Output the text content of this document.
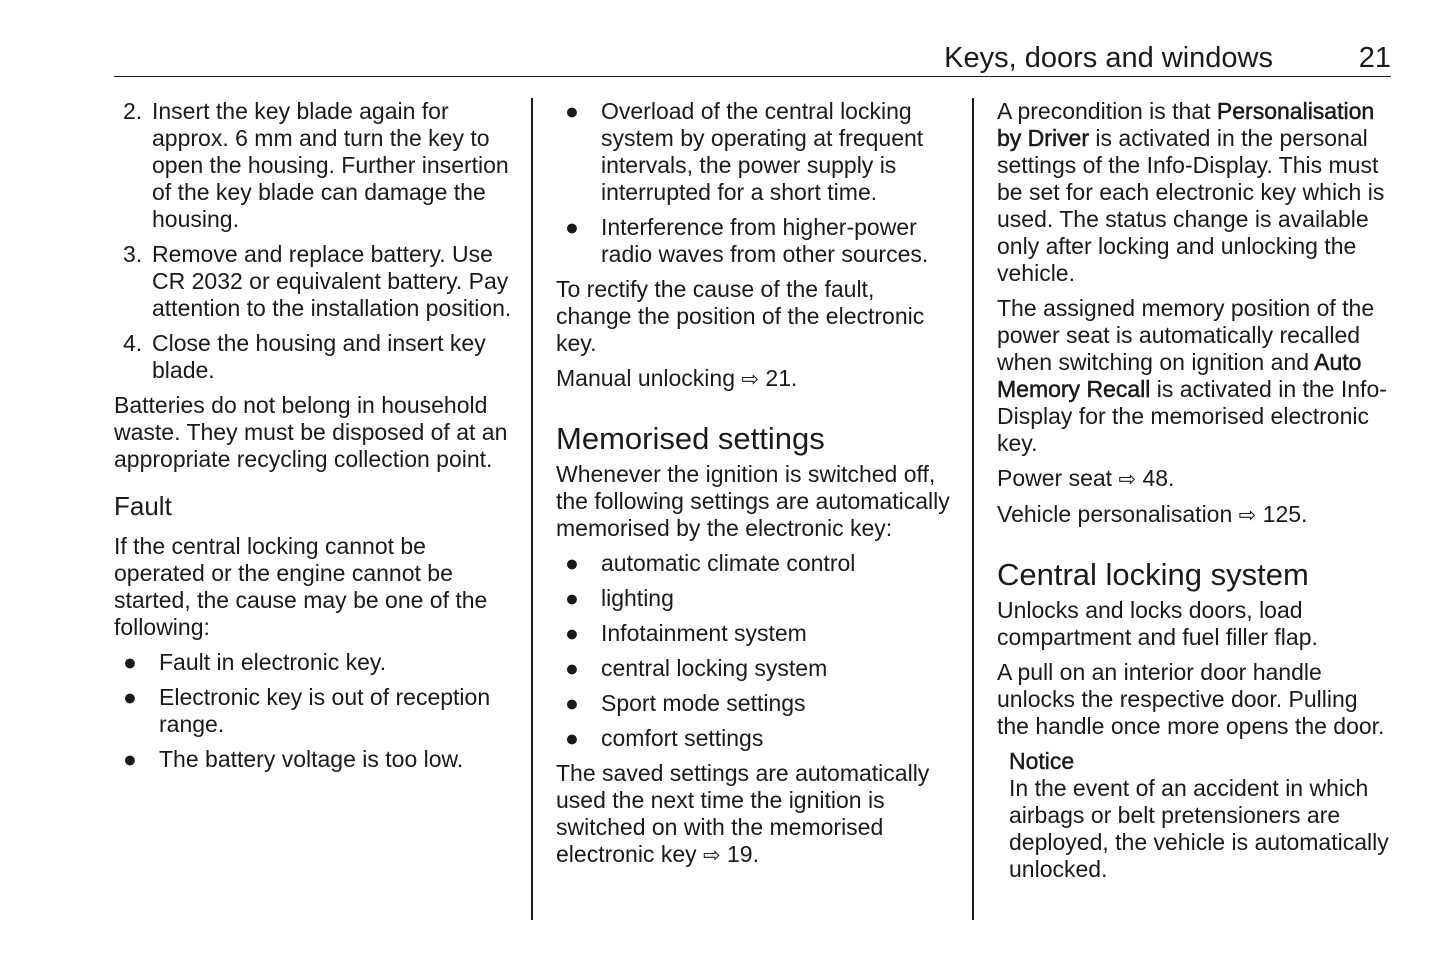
Keys, doors and windows	21
2. Insert the key blade again for approx. 6 mm and turn the key to open the housing. Further insertion of the key blade can damage the housing.
3. Remove and replace battery. Use CR 2032 or equivalent battery. Pay attention to the installation position.
4. Close the housing and insert key blade.

Batteries do not belong in household waste. They must be disposed of at an appropriate recycling collection point.

Fault

If the central locking cannot be operated or the engine cannot be started, the cause may be one of the following:

● Fault in electronic key.
● Electronic key is out of reception range.
● The battery voltage is too low.
● Overload of the central locking system by operating at frequent intervals, the power supply is interrupted for a short time.
● Interference from higher-power radio waves from other sources.

To rectify the cause of the fault, change the position of the electronic key.

Manual unlocking ⇨ 21.

Memorised settings

Whenever the ignition is switched off, the following settings are automatically memorised by the electronic key:

● automatic climate control
● lighting
● Infotainment system
● central locking system
● Sport mode settings
● comfort settings

The saved settings are automatically used the next time the ignition is switched on with the memorised electronic key ⇨ 19.

A precondition is that Personalisation by Driver is activated in the personal settings of the Info-Display. This must be set for each electronic key which is used. The status change is available only after locking and unlocking the vehicle.

The assigned memory position of the power seat is automatically recalled when switching on ignition and Auto Memory Recall is activated in the Info-Display for the memorised electronic key.

Power seat ⇨ 48.

Vehicle personalisation ⇨ 125.

Central locking system

Unlocks and locks doors, load compartment and fuel filler flap.

A pull on an interior door handle unlocks the respective door. Pulling the handle once more opens the door.

Notice
In the event of an accident in which airbags or belt pretensioners are deployed, the vehicle is automatically unlocked.
